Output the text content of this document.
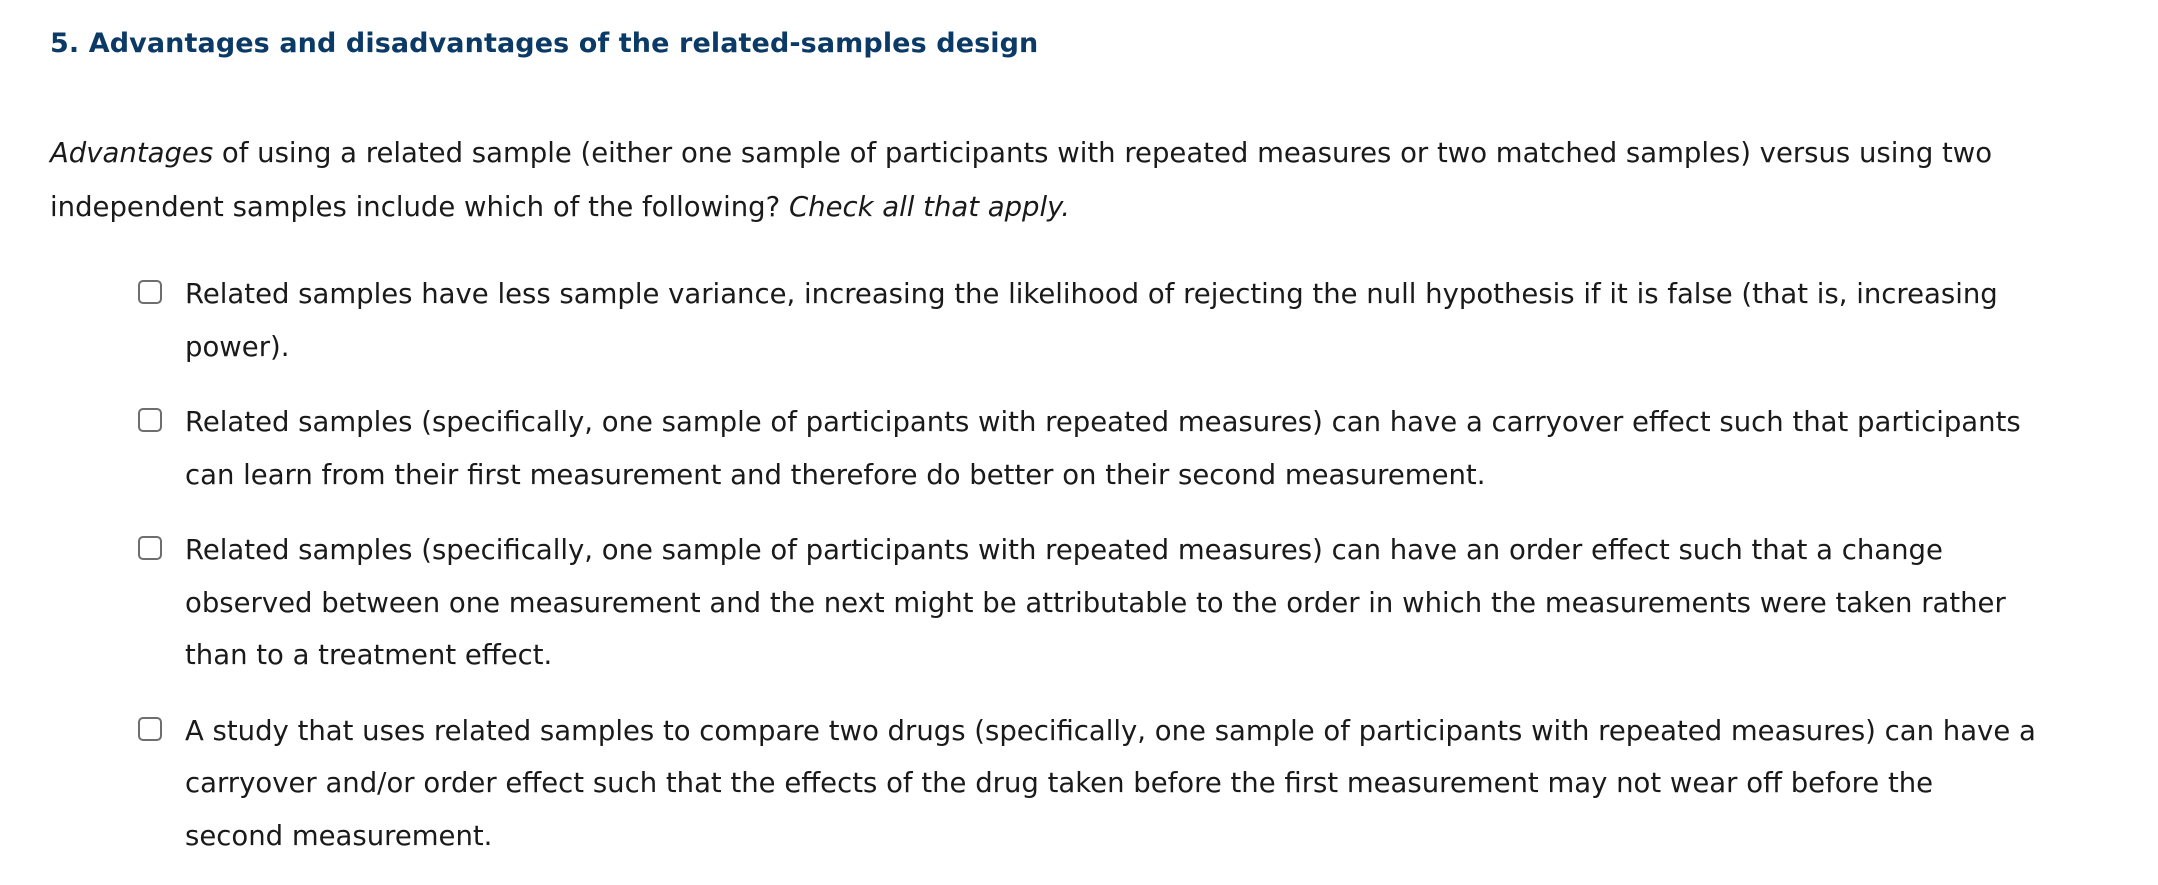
5. Advantages and disadvantages of the related-samples design

Advantages of using a related sample (either one sample of participants with repeated measures or two matched samples) versus using two independent samples include which of the following? Check all that apply.

Related samples have less sample variance, increasing the likelihood of rejecting the null hypothesis if it is false (that is, increasing power).
Related samples (specifically, one sample of participants with repeated measures) can have a carryover effect such that participants can learn from their first measurement and therefore do better on their second measurement.
Related samples (specifically, one sample of participants with repeated measures) can have an order effect such that a change observed between one measurement and the next might be attributable to the order in which the measurements were taken rather than to a treatment effect.
A study that uses related samples to compare two drugs (specifically, one sample of participants with repeated measures) can have a carryover and/or order effect such that the effects of the drug taken before the first measurement may not wear off before the second measurement.
